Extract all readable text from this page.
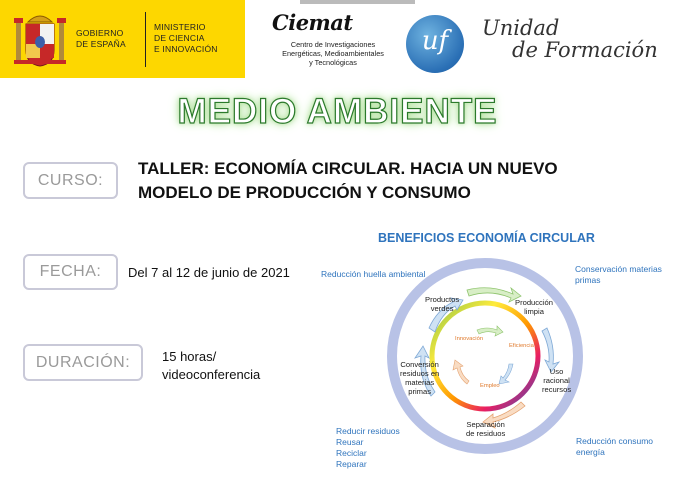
GOBIERNO
DE ESPAÑA
MINISTERIO
DE CIENCIA
E INNOVACIÓN
Ciemat
Centro de Investigaciones
Energéticas, Medioambientales
y Tecnológicas
uf	Unidad
de Formación
MEDIO AMBIENTE
CURSO:
TALLER: ECONOMÍA CIRCULAR. HACIA UN NUEVO
MODELO DE PRODUCCIÓN Y CONSUMO
FECHA:	Del 7 al 12 de junio de 2021
DURACIÓN:	15 horas/
videoconferencia
BENEFICIOS ECONOMÍA CIRCULAR
Reducción huella ambiental	Conservación materias
primas
Reducir residuos
Reusar
Reciclar
Reparar
Reducción consumo
energía
Productos
verdes
Producción
limpia
Uso
racional
recursos
Separación
de residuos
Conversión
residuos en
materias
primas
Innovación
Eficiencia
Empleo
